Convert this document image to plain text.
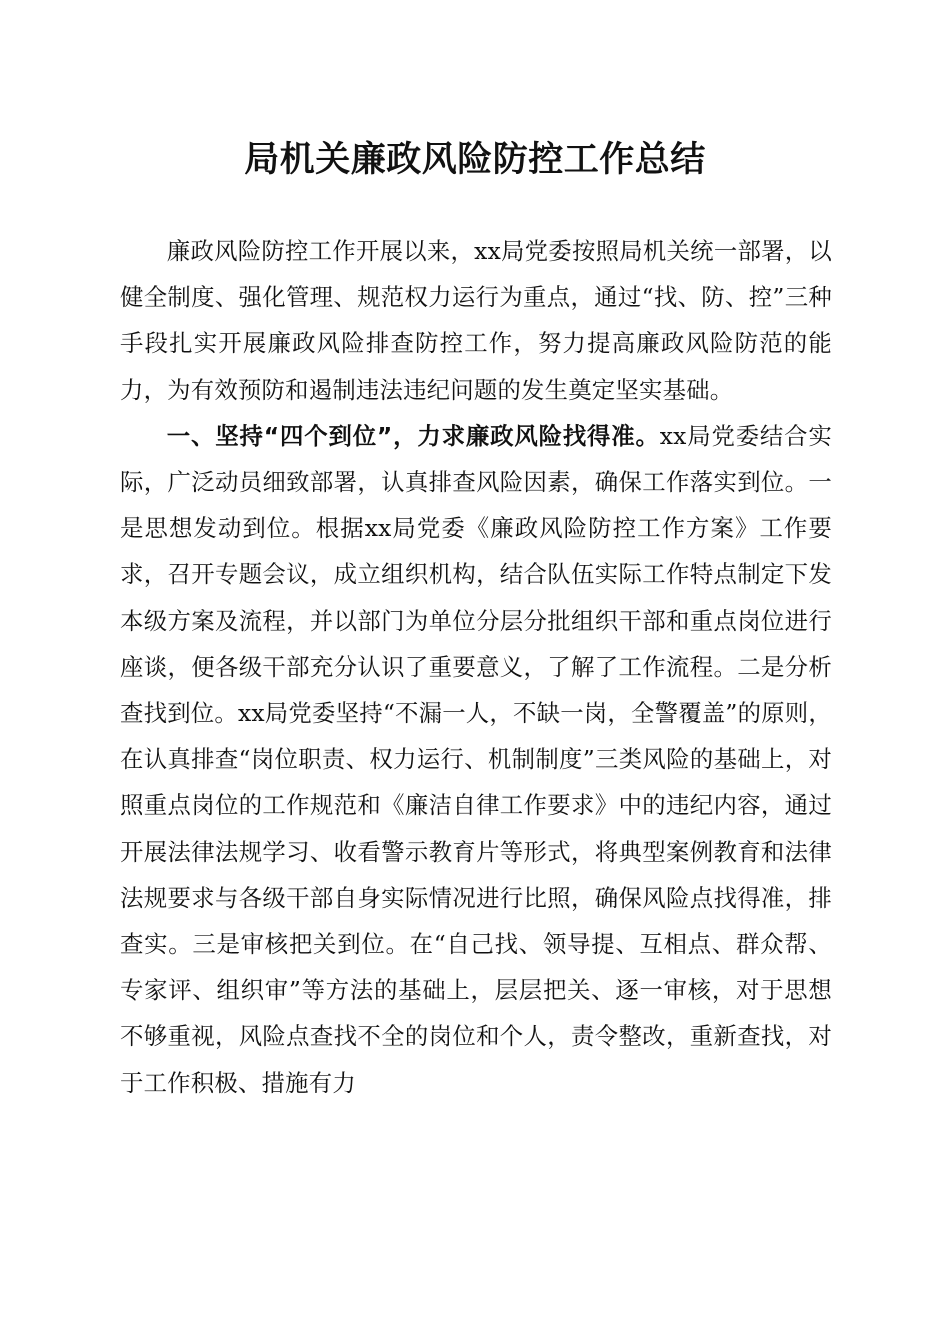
局机关廉政风险防控工作总结

廉政风险防控工作开展以来，xx局党委按照局机关统一部署，以健全制度、强化管理、规范权力运行为重点，通过“找、防、控”三种手段扎实开展廉政风险排查防控工作，努力提高廉政风险防范的能力，为有效预防和遏制违法违纪问题的发生奠定坚实基础。

一、坚持“四个到位”，力求廉政风险找得准。xx局党委结合实际，广泛动员细致部署，认真排查风险因素，确保工作落实到位。一是思想发动到位。根据xx局党委《廉政风险防控工作方案》工作要求，召开专题会议，成立组织机构，结合队伍实际工作特点制定下发本级方案及流程，并以部门为单位分层分批组织干部和重点岗位进行座谈，便各级干部充分认识了重要意义，了解了工作流程。二是分析查找到位。xx局党委坚持“不漏一人，不缺一岗，全警覆盖”的原则，在认真排查“岗位职责、权力运行、机制制度”三类风险的基础上，对照重点岗位的工作规范和《廉洁自律工作要求》中的违纪内容，通过开展法律法规学习、收看警示教育片等形式，将典型案例教育和法律法规要求与各级干部自身实际情况进行比照，确保风险点找得准，排查实。三是审核把关到位。在“自己找、领导提、互相点、群众帮、专家评、组织审”等方法的基础上，层层把关、逐一审核，对于思想不够重视，风险点查找不全的岗位和个人，责令整改，重新查找，对于工作积极、措施有力
